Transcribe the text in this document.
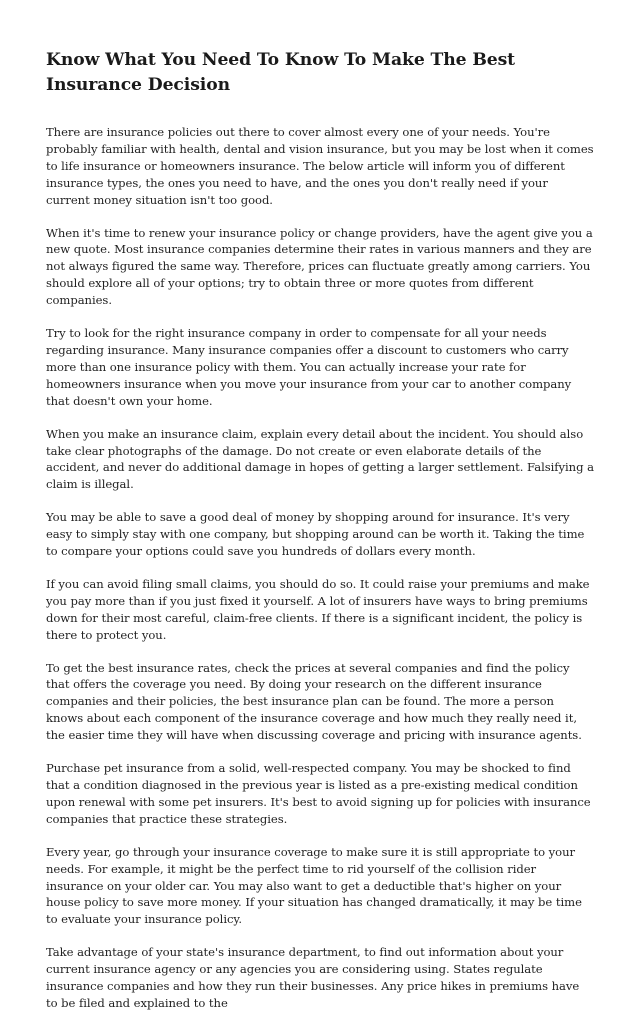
Know What You Need To Know To Make The Best Insurance Decision

There are insurance policies out there to cover almost every one of your needs. You're probably familiar with health, dental and vision insurance, but you may be lost when it comes to life insurance or homeowners insurance. The below article will inform you of different insurance types, the ones you need to have, and the ones you don't really need if your current money situation isn't too good.

When it's time to renew your insurance policy or change providers, have the agent give you a new quote. Most insurance companies determine their rates in various manners and they are not always figured the same way. Therefore, prices can fluctuate greatly among carriers. You should explore all of your options; try to obtain three or more quotes from different companies.

Try to look for the right insurance company in order to compensate for all your needs regarding insurance. Many insurance companies offer a discount to customers who carry more than one insurance policy with them. You can actually increase your rate for homeowners insurance when you move your insurance from your car to another company that doesn't own your home.

When you make an insurance claim, explain every detail about the incident. You should also take clear photographs of the damage. Do not create or even elaborate details of the accident, and never do additional damage in hopes of getting a larger settlement. Falsifying a claim is illegal.

You may be able to save a good deal of money by shopping around for insurance. It's very easy to simply stay with one company, but shopping around can be worth it. Taking the time to compare your options could save you hundreds of dollars every month.

If you can avoid filing small claims, you should do so. It could raise your premiums and make you pay more than if you just fixed it yourself. A lot of insurers have ways to bring premiums down for their most careful, claim-free clients. If there is a significant incident, the policy is there to protect you.

To get the best insurance rates, check the prices at several companies and find the policy that offers the coverage you need. By doing your research on the different insurance companies and their policies, the best insurance plan can be found. The more a person knows about each component of the insurance coverage and how much they really need it, the easier time they will have when discussing coverage and pricing with insurance agents.

Purchase pet insurance from a solid, well-respected company. You may be shocked to find that a condition diagnosed in the previous year is listed as a pre-existing medical condition upon renewal with some pet insurers. It's best to avoid signing up for policies with insurance companies that practice these strategies.

Every year, go through your insurance coverage to make sure it is still appropriate to your needs. For example, it might be the perfect time to rid yourself of the collision rider insurance on your older car. You may also want to get a deductible that's higher on your house policy to save more money. If your situation has changed dramatically, it may be time to evaluate your insurance policy.

Take advantage of your state's insurance department, to find out information about your current insurance agency or any agencies you are considering using. States regulate insurance companies and how they run their businesses. Any price hikes in premiums have to be filed and explained to the
